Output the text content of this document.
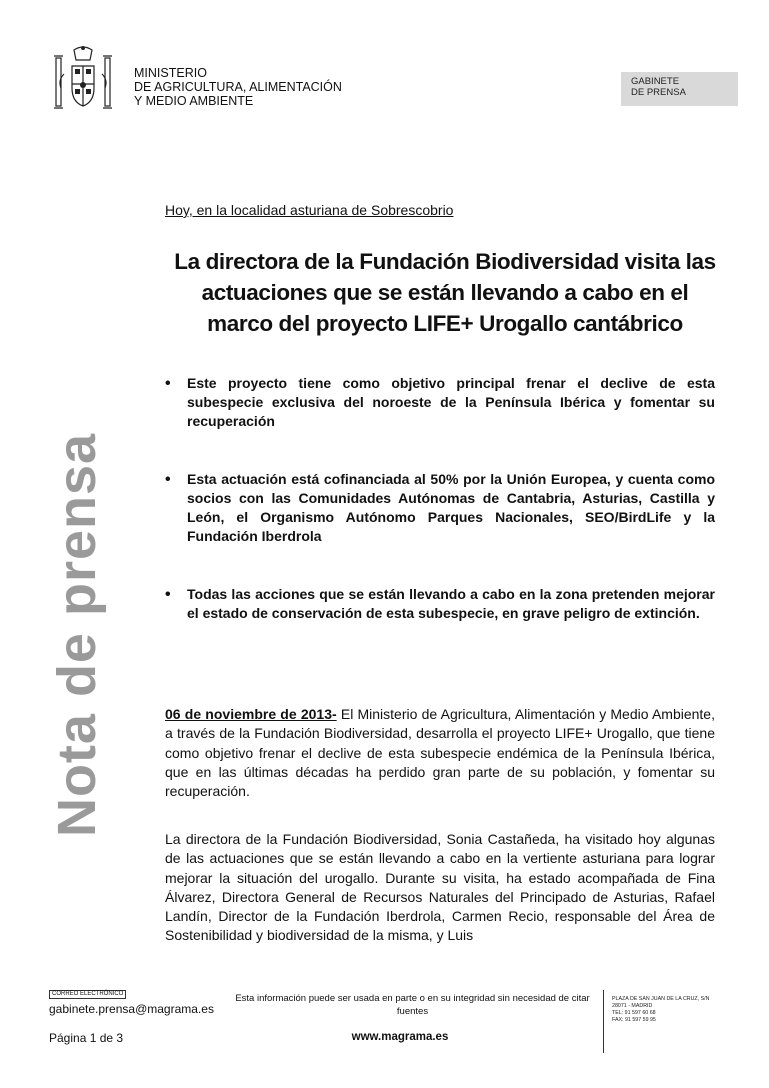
MINISTERIO
DE AGRICULTURA, ALIMENTACIÓN
Y MEDIO AMBIENTE
GABINETE
DE PRENSA
Nota de prensa
Hoy, en la localidad asturiana de Sobrescobrio
La directora de la Fundación Biodiversidad visita las
actuaciones que se están llevando a cabo en el
marco del proyecto LIFE+ Urogallo cantábrico
• Este proyecto tiene como objetivo principal frenar el declive de esta subespecie exclusiva del noroeste de la Península Ibérica y fomentar su recuperación
• Esta actuación está cofinanciada al 50% por la Unión Europea, y cuenta como socios con las Comunidades Autónomas de Cantabria, Asturias, Castilla y León, el Organismo Autónomo Parques Nacionales, SEO/BirdLife y la Fundación Iberdrola
• Todas las acciones que se están llevando a cabo en la zona pretenden mejorar el estado de conservación de esta subespecie, en grave peligro de extinción.
06 de noviembre de 2013- El Ministerio de Agricultura, Alimentación y Medio Ambiente, a través de la Fundación Biodiversidad, desarrolla el proyecto LIFE+ Urogallo, que tiene como objetivo frenar el declive de esta subespecie endémica de la Península Ibérica, que en las últimas décadas ha perdido gran parte de su población, y fomentar su recuperación.
La directora de la Fundación Biodiversidad, Sonia Castañeda, ha visitado hoy algunas de las actuaciones que se están llevando a cabo en la vertiente asturiana para lograr mejorar la situación del urogallo. Durante su visita, ha estado acompañada de Fina Álvarez, Directora General de Recursos Naturales del Principado de Asturias, Rafael Landín, Director de la Fundación Iberdrola, Carmen Recio, responsable del Área de Sostenibilidad y biodiversidad de la misma, y Luis
CORREO ELECTRÓNICO
gabinete.prensa@magrama.es
Página 1 de 3
Esta información puede ser usada en parte o en su integridad sin necesidad de citar fuentes
www.magrama.es
PLAZA DE SAN JUAN DE LA CRUZ, S/N
28071 - MADRID
TEL: 91 597 60 68
FAX: 91 597 59 95
